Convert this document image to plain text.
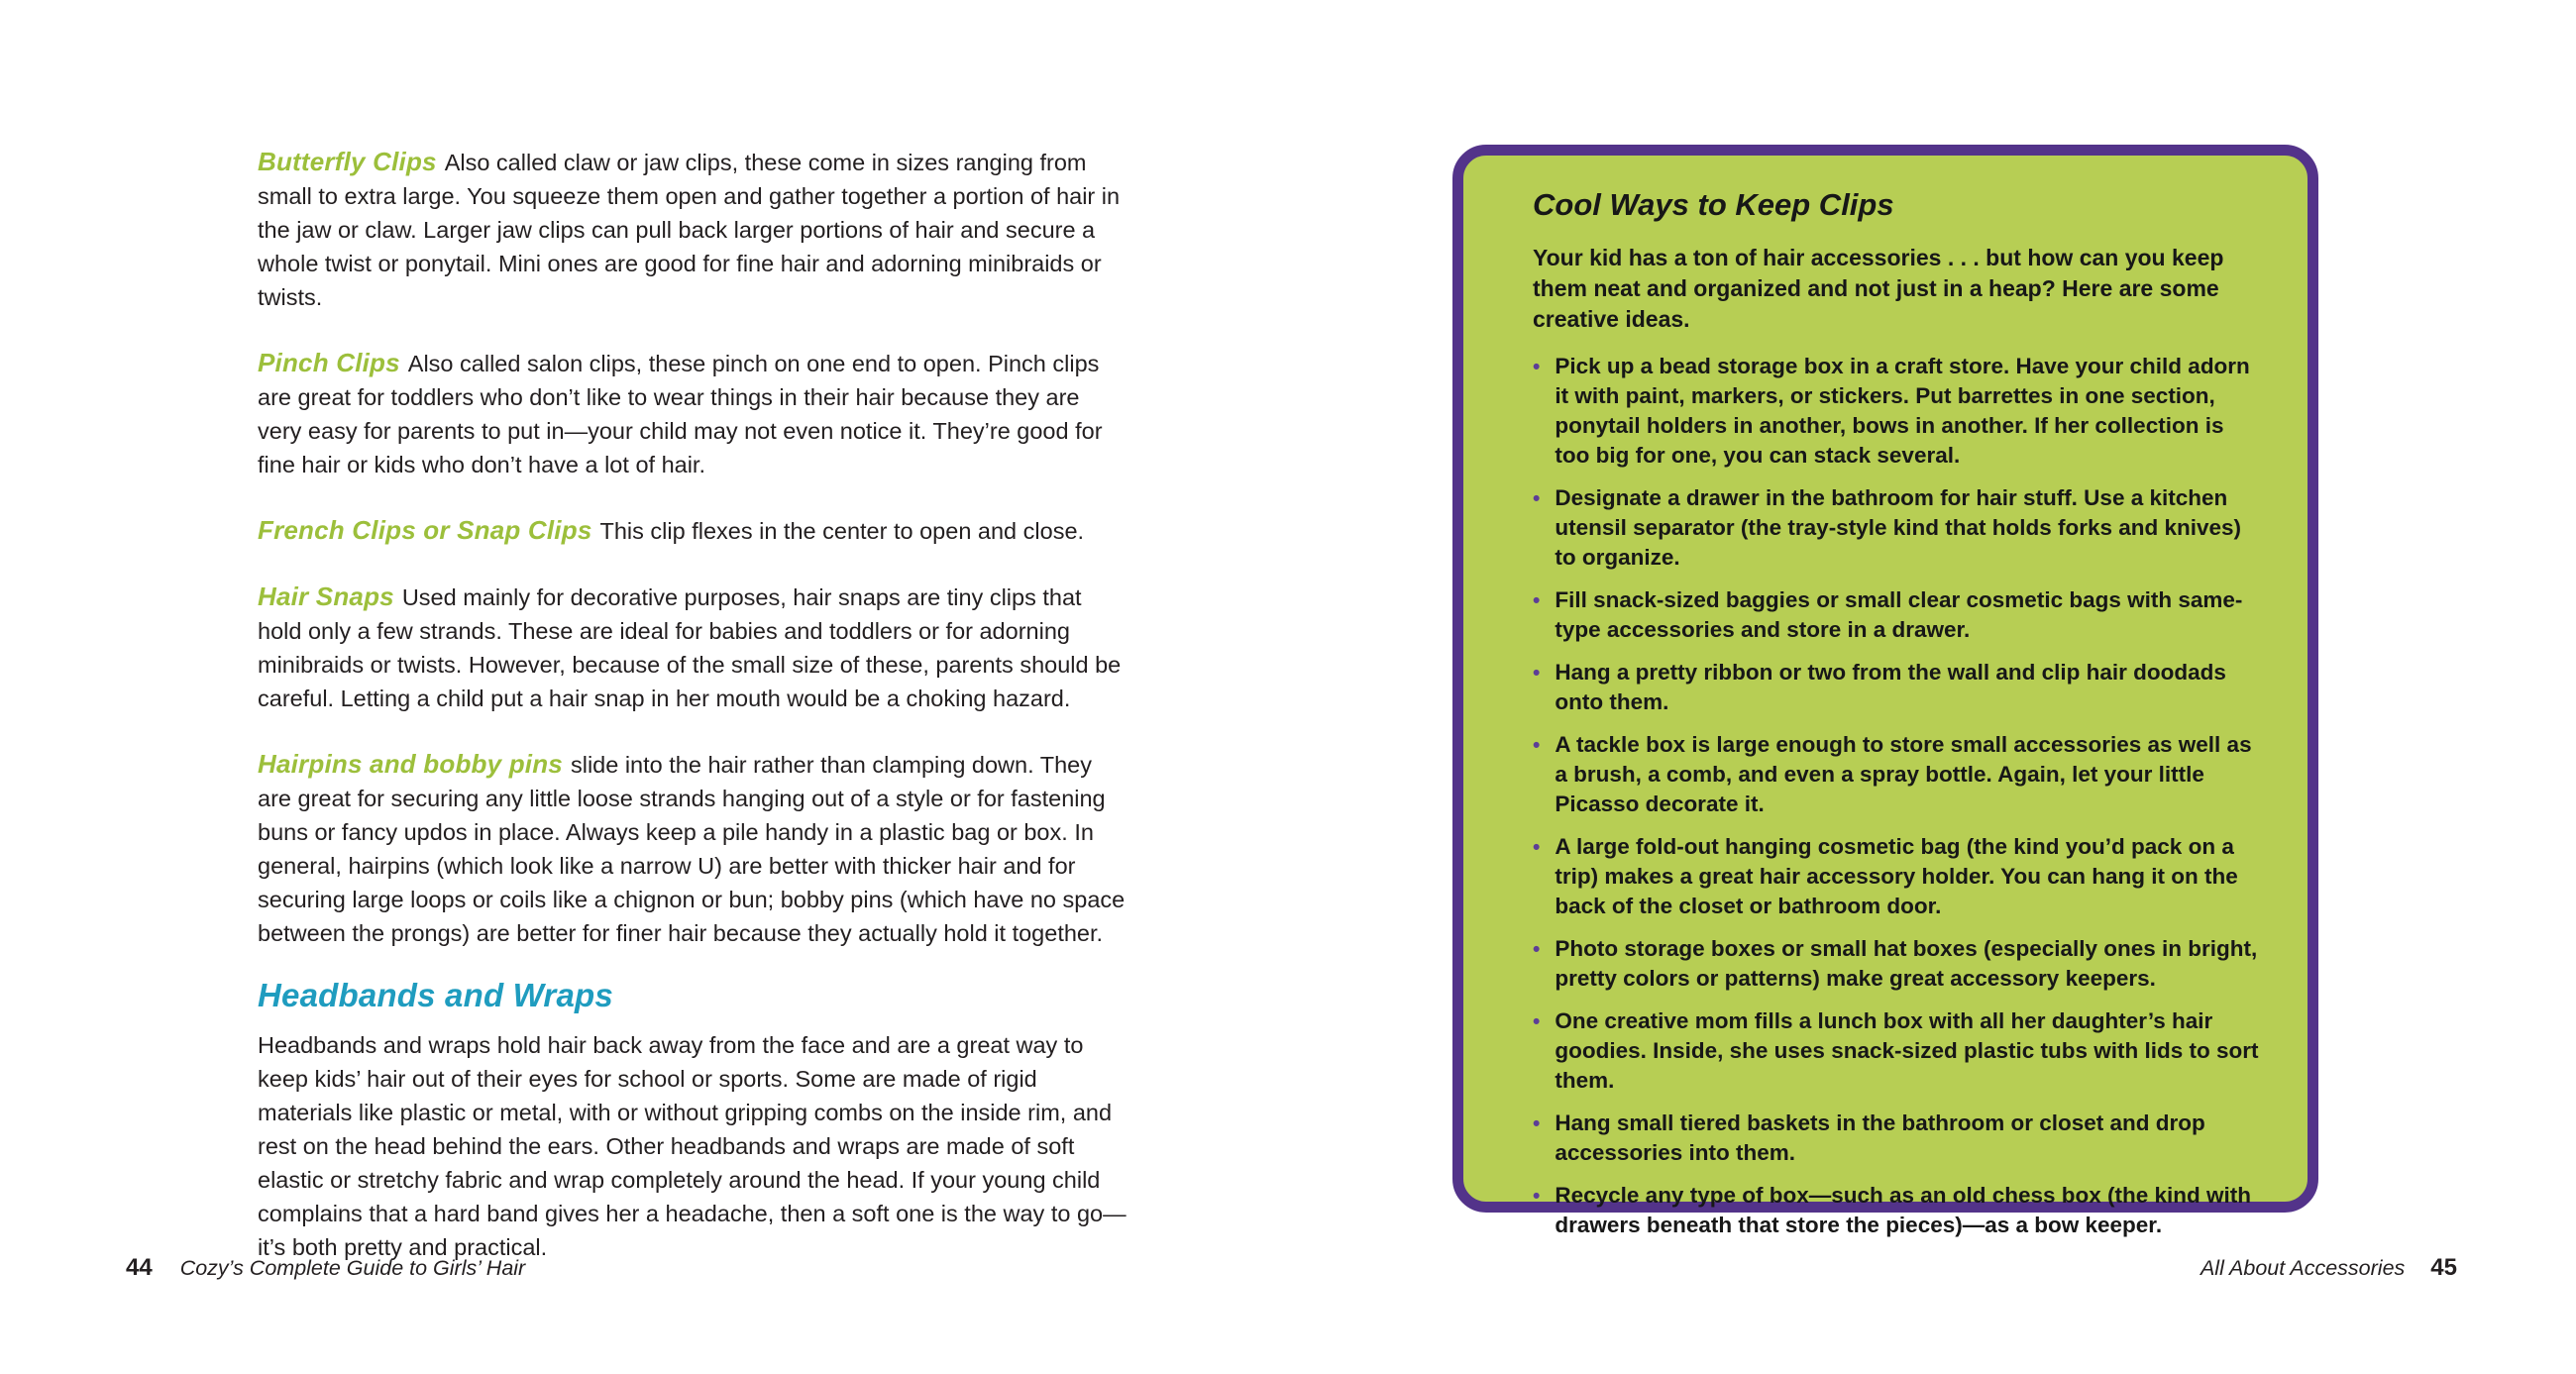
Butterfly Clips Also called claw or jaw clips, these come in sizes ranging from small to extra large. You squeeze them open and gather together a portion of hair in the jaw or claw. Larger jaw clips can pull back larger portions of hair and secure a whole twist or ponytail. Mini ones are good for fine hair and adorning minibraids or twists.

Pinch Clips Also called salon clips, these pinch on one end to open. Pinch clips are great for toddlers who don’t like to wear things in their hair because they are very easy for parents to put in—your child may not even notice it. They’re good for fine hair or kids who don’t have a lot of hair.

French Clips or Snap Clips This clip flexes in the center to open and close.

Hair Snaps Used mainly for decorative purposes, hair snaps are tiny clips that hold only a few strands. These are ideal for babies and toddlers or for adorning minibraids or twists. However, because of the small size of these, parents should be careful. Letting a child put a hair snap in her mouth would be a choking hazard.

Hairpins and bobby pins slide into the hair rather than clamping down. They are great for securing any little loose strands hanging out of a style or for fastening buns or fancy updos in place. Always keep a pile handy in a plastic bag or box. In general, hairpins (which look like a narrow U) are better with thicker hair and for securing large loops or coils like a chignon or bun; bobby pins (which have no space between the prongs) are better for finer hair because they actually hold it together.

Headbands and Wraps

Headbands and wraps hold hair back away from the face and are a great way to keep kids’ hair out of their eyes for school or sports. Some are made of rigid materials like plastic or metal, with or without gripping combs on the inside rim, and rest on the head behind the ears. Other headbands and wraps are made of soft elastic or stretchy fabric and wrap completely around the head. If your young child complains that a hard band gives her a headache, then a soft one is the way to go—it’s both pretty and practical.

Cool Ways to Keep Clips

Your kid has a ton of hair accessories . . . but how can you keep them neat and organized and not just in a heap? Here are some creative ideas.

• Pick up a bead storage box in a craft store. Have your child adorn it with paint, markers, or stickers. Put barrettes in one section, ponytail holders in another, bows in another. If her collection is too big for one, you can stack several.
• Designate a drawer in the bathroom for hair stuff. Use a kitchen utensil separator (the tray-style kind that holds forks and knives) to organize.
• Fill snack-sized baggies or small clear cosmetic bags with same-type accessories and store in a drawer.
• Hang a pretty ribbon or two from the wall and clip hair doodads onto them.
• A tackle box is large enough to store small accessories as well as a brush, a comb, and even a spray bottle. Again, let your little Picasso decorate it.
• A large fold-out hanging cosmetic bag (the kind you’d pack on a trip) makes a great hair accessory holder. You can hang it on the back of the closet or bathroom door.
• Photo storage boxes or small hat boxes (especially ones in bright, pretty colors or patterns) make great accessory keepers.
• One creative mom fills a lunch box with all her daughter’s hair goodies. Inside, she uses snack-sized plastic tubs with lids to sort them.
• Hang small tiered baskets in the bathroom or closet and drop accessories into them.
• Recycle any type of box—such as an old chess box (the kind with drawers beneath that store the pieces)—as a bow keeper.
44 Cozy’s Complete Guide to Girls’ Hair	All About Accessories 45
